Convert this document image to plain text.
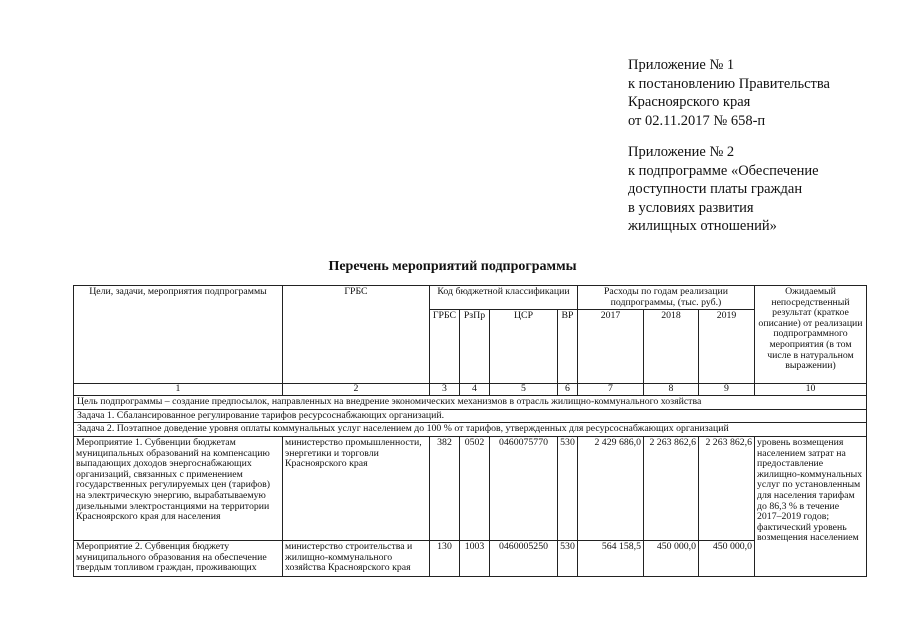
Приложение № 1
к постановлению Правительства
Красноярского края
от 02.11.2017 № 658-п
Приложение № 2
к подпрограмме «Обеспечение
доступности платы граждан
в условиях развития
жилищных отношений»
Перечень мероприятий подпрограммы
Цели, задачи, мероприятия подпрограммы	ГРБС	Код бюджетной классификации				Расходы по годам реализации подпрограммы, (тыс. руб.)			Ожидаемый непосредственный результат (краткое описание) от реализации подпрограммного мероприятия (в том числе в натуральном выражении)
		ГРБС	РзПр	ЦСР	ВР	2017	2018	2019	
1	2	3	4	5	6	7	8	9	10
Цель подпрограммы – создание предпосылок, направленных на внедрение экономических механизмов в отрасль жилищно-коммунального хозяйства									
Задача 1. Сбалансированное регулирование тарифов ресурсоснабжающих организаций.									
Задача 2. Поэтапное доведение уровня оплаты коммунальных услуг населением до 100 % от тарифов, утвержденных для ресурсоснабжающих организаций									
Мероприятие 1. Субвенции бюджетам муниципальных образований на компенсацию выпадающих доходов энергоснабжающих организаций, связанных с применением государственных регулируемых цен (тарифов) на электрическую энергию, вырабатываемую дизельными электростанциями на территории Красноярского края для населения	министерство промышленности, энергетики и торговли Красноярского края	382	0502	0460075770	530	2 429 686,0	2 263 862,6	2 263 862,6	уровень возмещения населением затрат на предоставление жилищно-коммунальных услуг по установленным для населения тарифам до 86,3 % в течение 2017–2019 годов; фактический уровень возмещения населением
Мероприятие 2. Субвенция бюджету муниципального образования на обеспечение твердым топливом граждан, проживающих	министерство строительства и жилищно-коммунального хозяйства Красноярского края	130	1003	0460005250	530	564 158,5	450 000,0	450 000,0	
